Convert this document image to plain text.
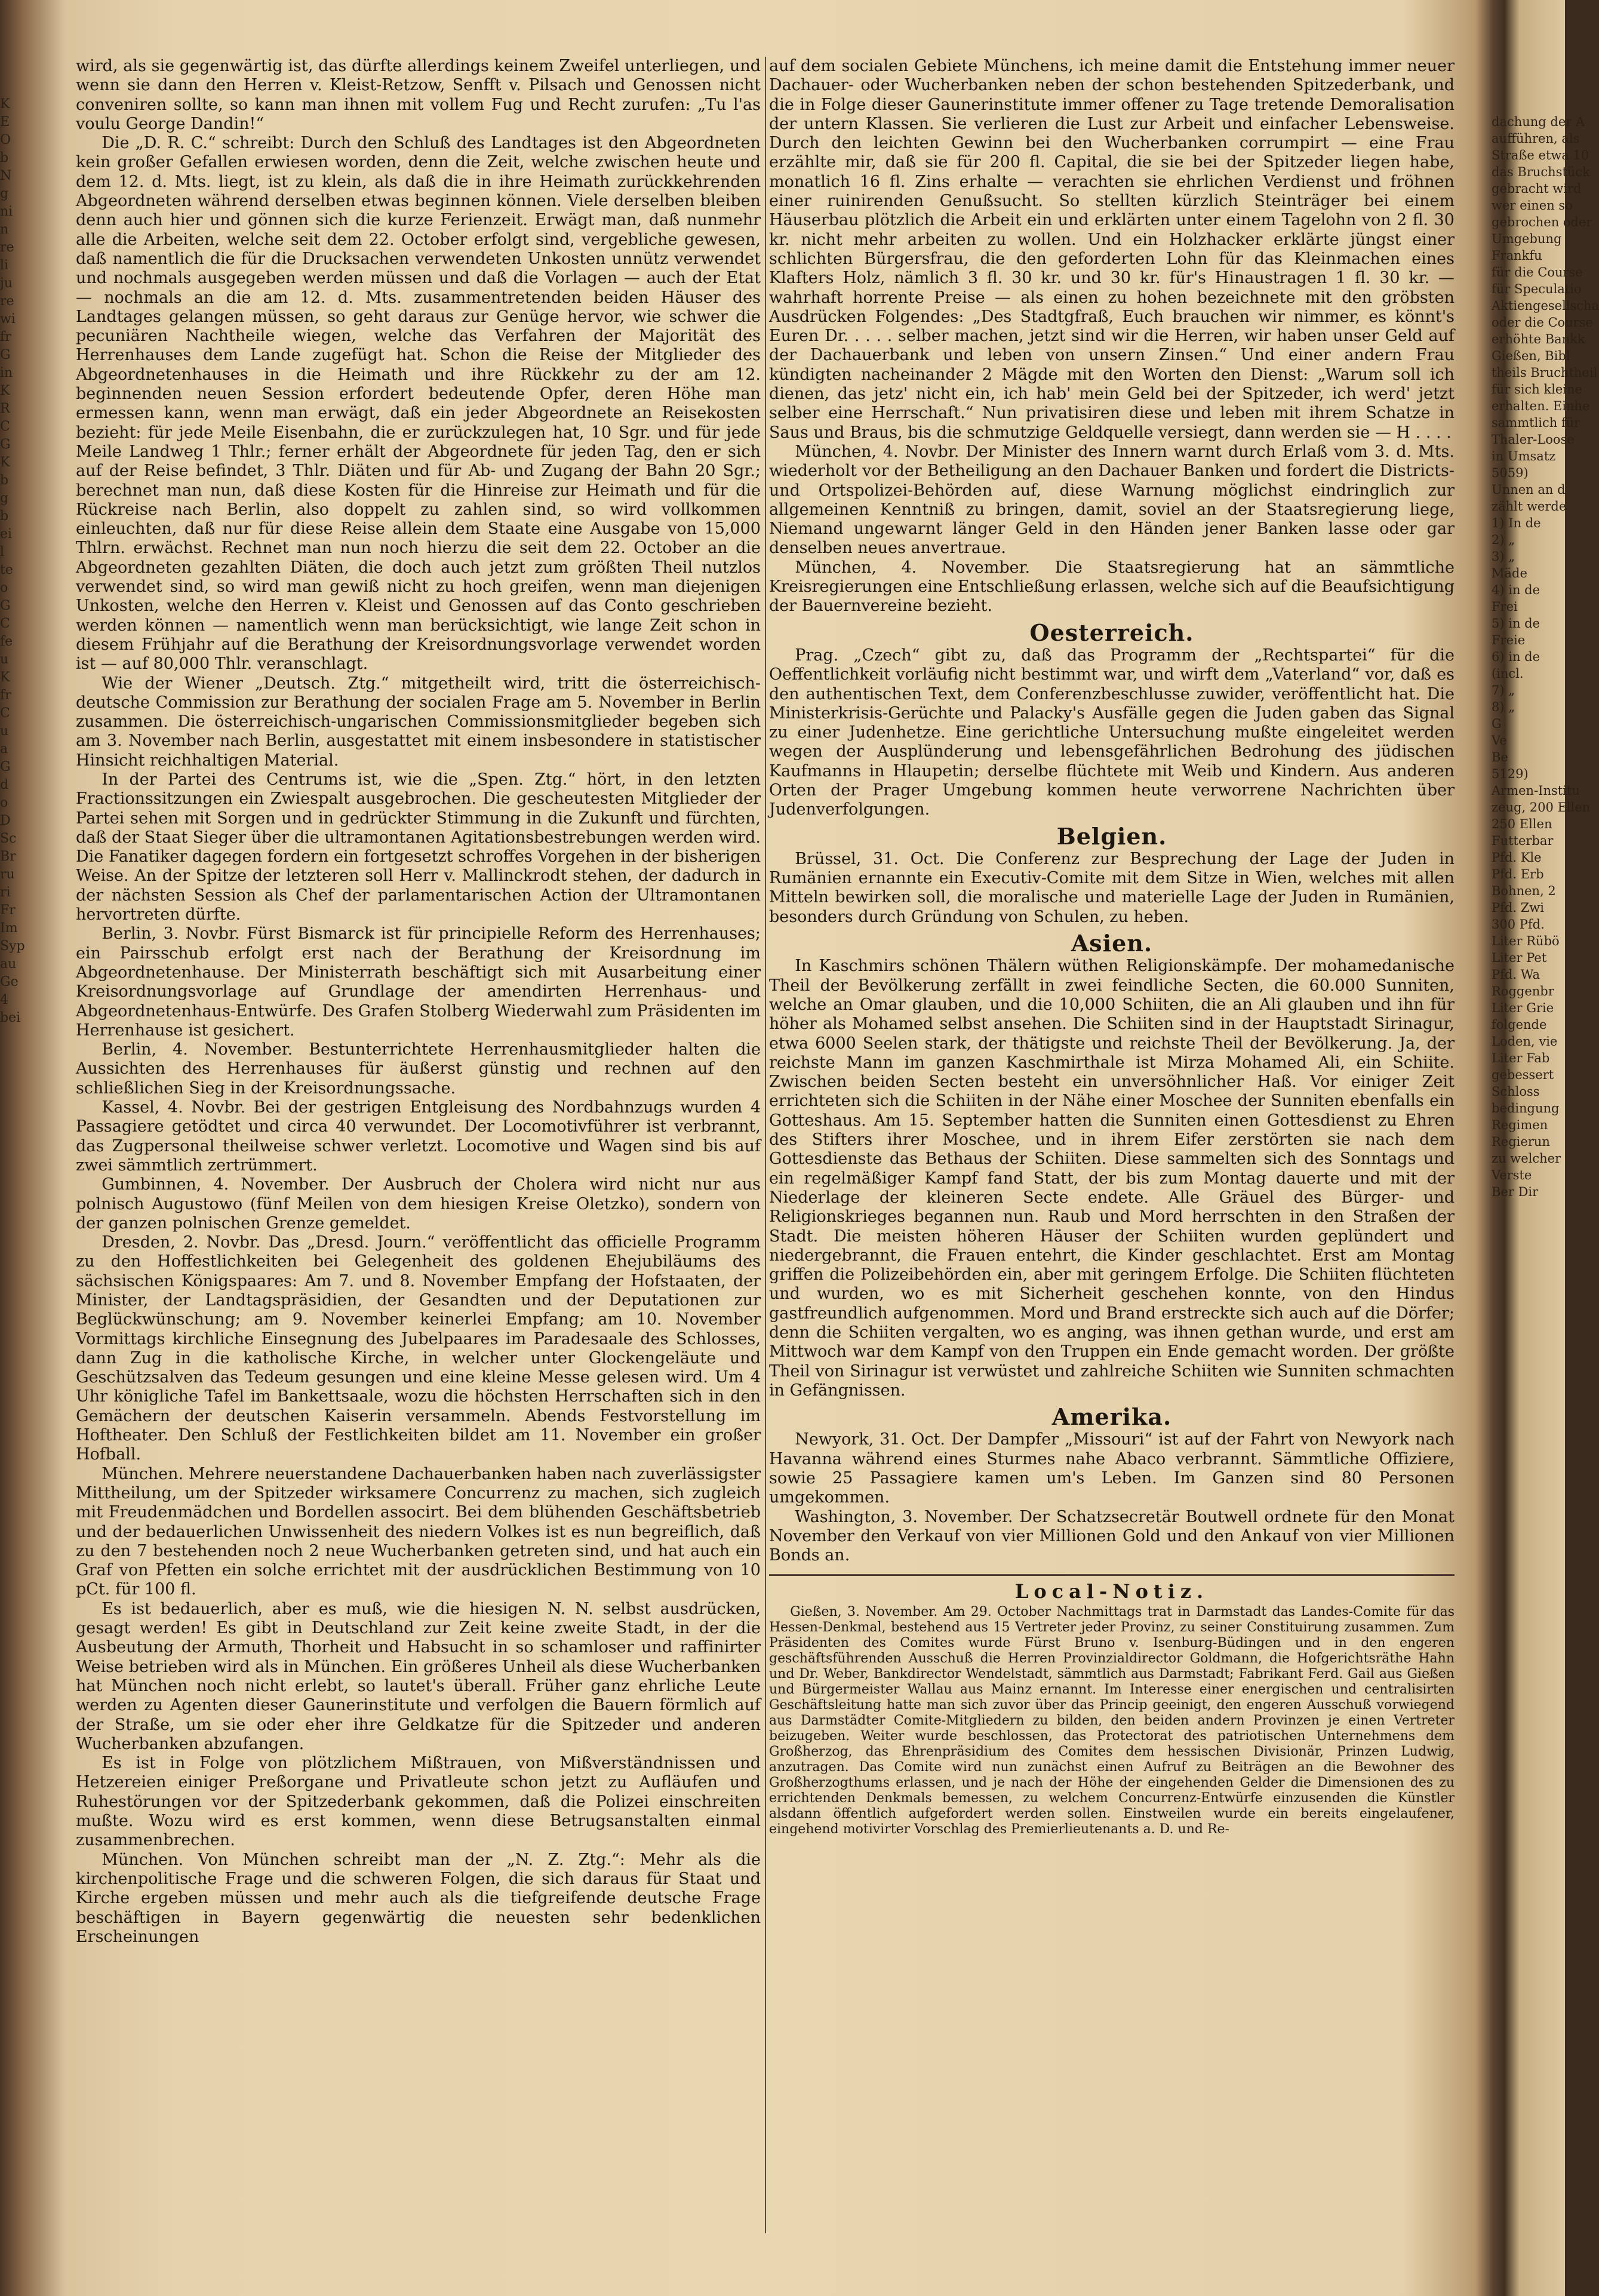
K
E
O
b
N
g
ni
n
re
li
ju
re
wi
fr
G
in
K
R
C
G
K
b
g
b
ei
l
te
o
G
C
fe
u
K
fr
C
u
a
G
d
o
D
Sc
Br
ru
ri
Fr
Im
Syp
au
Ge
4
bei
dachung der A
aufführen, als
Straße etwa 10
das Bruchstück
gebracht wird
wer einen so
gebrochen oder
Umgebung
Frankfu
für die Course
für Speculatio
Aktiengesellscha
oder die Course
erhöhte Bankk
Gießen, Bibl
theils Bruchtheil
für sich kleine
erhalten. Einhe
sammtlich für
Thaler-Loose
in Umsatz
5059)
Unnen an d
zählt werde
1) In de
2) „
3) „
Mäde
4) in de
Frei
5) in de
Freie
6) in de
(incl.
7) „
8) „
G
Ve
Be
5129)
Armen-Institu
zeug, 200 Ellen
250 Ellen
Futterbar
Pfd. Kle
Pfd. Erb
Bohnen, 2
Pfd. Zwi
300 Pfd.
Liter Rübö
Liter Pet
Pfd. Wa
Roggenbr
Liter Grie
folgende
Loden, vie
Liter Fab
gebessert
Schloss
bedingung
Regimen
Regierun
zu welcher
Verste
Ber Dir

wird, als sie gegenwärtig ist, das dürfte allerdings keinem Zweifel unterliegen, und wenn sie dann den Herren v. Kleist-Retzow, Senfft v. Pilsach und Genossen nicht conveniren sollte, so kann man ihnen mit vollem Fug und Recht zurufen: „Tu l'as voulu George Dandin!“

Die „D. R. C.“ schreibt: Durch den Schluß des Landtages ist den Abgeordneten kein großer Gefallen erwiesen worden, denn die Zeit, welche zwischen heute und dem 12. d. Mts. liegt, ist zu klein, als daß die in ihre Heimath zurückkehrenden Abgeordneten während derselben etwas beginnen können. Viele derselben bleiben denn auch hier und gönnen sich die kurze Ferienzeit. Erwägt man, daß nunmehr alle die Arbeiten, welche seit dem 22. October erfolgt sind, vergebliche gewesen, daß namentlich die für die Drucksachen verwendeten Unkosten unnütz verwendet und nochmals ausgegeben werden müssen und daß die Vorlagen — auch der Etat — nochmals an die am 12. d. Mts. zusammentretenden beiden Häuser des Landtages gelangen müssen, so geht daraus zur Genüge hervor, wie schwer die pecuniären Nachtheile wiegen, welche das Verfahren der Majorität des Herrenhauses dem Lande zugefügt hat. Schon die Reise der Mitglieder des Abgeordnetenhauses in die Heimath und ihre Rückkehr zu der am 12. beginnenden neuen Session erfordert bedeutende Opfer, deren Höhe man ermessen kann, wenn man erwägt, daß ein jeder Abgeordnete an Reisekosten bezieht: für jede Meile Eisenbahn, die er zurückzulegen hat, 10 Sgr. und für jede Meile Landweg 1 Thlr.; ferner erhält der Abgeordnete für jeden Tag, den er sich auf der Reise befindet, 3 Thlr. Diäten und für Ab- und Zugang der Bahn 20 Sgr.; berechnet man nun, daß diese Kosten für die Hinreise zur Heimath und für die Rückreise nach Berlin, also doppelt zu zahlen sind, so wird vollkommen einleuchten, daß nur für diese Reise allein dem Staate eine Ausgabe von 15,000 Thlrn. erwächst. Rechnet man nun noch hierzu die seit dem 22. October an die Abgeordneten gezahlten Diäten, die doch auch jetzt zum größten Theil nutzlos verwendet sind, so wird man gewiß nicht zu hoch greifen, wenn man diejenigen Unkosten, welche den Herren v. Kleist und Genossen auf das Conto geschrieben werden können — namentlich wenn man berücksichtigt, wie lange Zeit schon in diesem Frühjahr auf die Berathung der Kreisordnungsvorlage verwendet worden ist — auf 80,000 Thlr. veranschlagt.

Wie der Wiener „Deutsch. Ztg.“ mitgetheilt wird, tritt die österreichisch-deutsche Commission zur Berathung der socialen Frage am 5. November in Berlin zusammen. Die österreichisch-ungarischen Commissionsmitglieder begeben sich am 3. November nach Berlin, ausgestattet mit einem insbesondere in statistischer Hinsicht reichhaltigen Material.

In der Partei des Centrums ist, wie die „Spen. Ztg.“ hört, in den letzten Fractionssitzungen ein Zwiespalt ausgebrochen. Die gescheutesten Mitglieder der Partei sehen mit Sorgen und in gedrückter Stimmung in die Zukunft und fürchten, daß der Staat Sieger über die ultramontanen Agitationsbestrebungen werden wird. Die Fanatiker dagegen fordern ein fortgesetzt schroffes Vorgehen in der bisherigen Weise. An der Spitze der letzteren soll Herr v. Mallinckrodt stehen, der dadurch in der nächsten Session als Chef der parlamentarischen Action der Ultramontanen hervortreten dürfte.

Berlin, 3. Novbr. Fürst Bismarck ist für principielle Reform des Herrenhauses; ein Pairsschub erfolgt erst nach der Berathung der Kreisordnung im Abgeordnetenhause. Der Ministerrath beschäftigt sich mit Ausarbeitung einer Kreisordnungsvorlage auf Grundlage der amendirten Herrenhaus- und Abgeordnetenhaus-Entwürfe. Des Grafen Stolberg Wiederwahl zum Präsidenten im Herrenhause ist gesichert.

Berlin, 4. November. Bestunterrichtete Herrenhausmitglieder halten die Aussichten des Herrenhauses für äußerst günstig und rechnen auf den schließlichen Sieg in der Kreisordnungssache.

Kassel, 4. Novbr. Bei der gestrigen Entgleisung des Nordbahnzugs wurden 4 Passagiere getödtet und circa 40 verwundet. Der Locomotivführer ist verbrannt, das Zugpersonal theilweise schwer verletzt. Locomotive und Wagen sind bis auf zwei sämmtlich zertrümmert.

Gumbinnen, 4. November. Der Ausbruch der Cholera wird nicht nur aus polnisch Augustowo (fünf Meilen von dem hiesigen Kreise Oletzko), sondern von der ganzen polnischen Grenze gemeldet.

Dresden, 2. Novbr. Das „Dresd. Journ.“ veröffentlicht das officielle Programm zu den Hoffestlichkeiten bei Gelegenheit des goldenen Ehejubiläums des sächsischen Königspaares: Am 7. und 8. November Empfang der Hofstaaten, der Minister, der Landtagspräsidien, der Gesandten und der Deputationen zur Beglückwünschung; am 9. November keinerlei Empfang; am 10. November Vormittags kirchliche Einsegnung des Jubelpaares im Paradesaale des Schlosses, dann Zug in die katholische Kirche, in welcher unter Glockengeläute und Geschützsalven das Tedeum gesungen und eine kleine Messe gelesen wird. Um 4 Uhr königliche Tafel im Bankettsaale, wozu die höchsten Herrschaften sich in den Gemächern der deutschen Kaiserin versammeln. Abends Festvorstellung im Hoftheater. Den Schluß der Festlichkeiten bildet am 11. November ein großer Hofball.

München. Mehrere neuerstandene Dachauerbanken haben nach zuverlässigster Mittheilung, um der Spitzeder wirksamere Concurrenz zu machen, sich zugleich mit Freudenmädchen und Bordellen associrt. Bei dem blühenden Geschäftsbetrieb und der bedauerlichen Unwissenheit des niedern Volkes ist es nun begreiflich, daß zu den 7 bestehenden noch 2 neue Wucherbanken getreten sind, und hat auch ein Graf von Pfetten ein solche errichtet mit der ausdrücklichen Bestimmung von 10 pCt. für 100 fl.

Es ist bedauerlich, aber es muß, wie die hiesigen N. N. selbst ausdrücken, gesagt werden! Es gibt in Deutschland zur Zeit keine zweite Stadt, in der die Ausbeutung der Armuth, Thorheit und Habsucht in so schamloser und raffinirter Weise betrieben wird als in München. Ein größeres Unheil als diese Wucherbanken hat München noch nicht erlebt, so lautet's überall. Früher ganz ehrliche Leute werden zu Agenten dieser Gaunerinstitute und verfolgen die Bauern förmlich auf der Straße, um sie oder eher ihre Geldkatze für die Spitzeder und anderen Wucherbanken abzufangen.

Es ist in Folge von plötzlichem Mißtrauen, von Mißverständnissen und Hetzereien einiger Preßorgane und Privatleute schon jetzt zu Aufläufen und Ruhestörungen vor der Spitzederbank gekommen, daß die Polizei einschreiten mußte. Wozu wird es erst kommen, wenn diese Betrugsanstalten einmal zusammenbrechen.

München. Von München schreibt man der „N. Z. Ztg.“: Mehr als die kirchenpolitische Frage und die schweren Folgen, die sich daraus für Staat und Kirche ergeben müssen und mehr auch als die tiefgreifende deutsche Frage beschäftigen in Bayern gegenwärtig die neuesten sehr bedenklichen Erscheinungen

auf dem socialen Gebiete Münchens, ich meine damit die Entstehung immer neuer Dachauer- oder Wucherbanken neben der schon bestehenden Spitzederbank, und die in Folge dieser Gaunerinstitute immer offener zu Tage tretende Demoralisation der untern Klassen. Sie verlieren die Lust zur Arbeit und einfacher Lebensweise. Durch den leichten Gewinn bei den Wucherbanken corrumpirt — eine Frau erzählte mir, daß sie für 200 fl. Capital, die sie bei der Spitzeder liegen habe, monatlich 16 fl. Zins erhalte — verachten sie ehrlichen Verdienst und fröhnen einer ruinirenden Genußsucht. So stellten kürzlich Steinträger bei einem Häuserbau plötzlich die Arbeit ein und erklärten unter einem Tagelohn von 2 fl. 30 kr. nicht mehr arbeiten zu wollen. Und ein Holzhacker erklärte jüngst einer schlichten Bürgersfrau, die den geforderten Lohn für das Kleinmachen eines Klafters Holz, nämlich 3 fl. 30 kr. und 30 kr. für's Hinaustragen 1 fl. 30 kr. — wahrhaft horrente Preise — als einen zu hohen bezeichnete mit den gröbsten Ausdrücken Folgendes: „Des Stadtgfraß, Euch brauchen wir nimmer, es könnt's Euren Dr. . . . . selber machen, jetzt sind wir die Herren, wir haben unser Geld auf der Dachauerbank und leben von unsern Zinsen.“ Und einer andern Frau kündigten nacheinander 2 Mägde mit den Worten den Dienst: „Warum soll ich dienen, das jetz' nicht ein, ich hab' mein Geld bei der Spitzeder, ich werd' jetzt selber eine Herrschaft.“ Nun privatisiren diese und leben mit ihrem Schatze in Saus und Braus, bis die schmutzige Geldquelle versiegt, dann werden sie — H . . . .

München, 4. Novbr. Der Minister des Innern warnt durch Erlaß vom 3. d. Mts. wiederholt vor der Betheiligung an den Dachauer Banken und fordert die Districts- und Ortspolizei-Behörden auf, diese Warnung möglichst eindringlich zur allgemeinen Kenntniß zu bringen, damit, soviel an der Staatsregierung liege, Niemand ungewarnt länger Geld in den Händen jener Banken lasse oder gar denselben neues anvertraue.

München, 4. November. Die Staatsregierung hat an sämmtliche Kreisregierungen eine Entschließung erlassen, welche sich auf die Beaufsichtigung der Bauernvereine bezieht.

Oesterreich.

Prag. „Czech“ gibt zu, daß das Programm der „Rechtspartei“ für die Oeffentlichkeit vorläufig nicht bestimmt war, und wirft dem „Vaterland“ vor, daß es den authentischen Text, dem Conferenzbeschlusse zuwider, veröffentlicht hat. Die Ministerkrisis-Gerüchte und Palacky's Ausfälle gegen die Juden gaben das Signal zu einer Judenhetze. Eine gerichtliche Untersuchung mußte eingeleitet werden wegen der Ausplünderung und lebensgefährlichen Bedrohung des jüdischen Kaufmanns in Hlaupetin; derselbe flüchtete mit Weib und Kindern. Aus anderen Orten der Prager Umgebung kommen heute verworrene Nachrichten über Judenverfolgungen.

Belgien.

Brüssel, 31. Oct. Die Conferenz zur Besprechung der Lage der Juden in Rumänien ernannte ein Executiv-Comite mit dem Sitze in Wien, welches mit allen Mitteln bewirken soll, die moralische und materielle Lage der Juden in Rumänien, besonders durch Gründung von Schulen, zu heben.

Asien.

In Kaschmirs schönen Thälern wüthen Religionskämpfe. Der mohamedanische Theil der Bevölkerung zerfällt in zwei feindliche Secten, die 60.000 Sunniten, welche an Omar glauben, und die 10,000 Schiiten, die an Ali glauben und ihn für höher als Mohamed selbst ansehen. Die Schiiten sind in der Hauptstadt Sirinagur, etwa 6000 Seelen stark, der thätigste und reichste Theil der Bevölkerung. Ja, der reichste Mann im ganzen Kaschmirthale ist Mirza Mohamed Ali, ein Schiite. Zwischen beiden Secten besteht ein unversöhnlicher Haß. Vor einiger Zeit errichteten sich die Schiiten in der Nähe einer Moschee der Sunniten ebenfalls ein Gotteshaus. Am 15. September hatten die Sunniten einen Gottesdienst zu Ehren des Stifters ihrer Moschee, und in ihrem Eifer zerstörten sie nach dem Gottesdienste das Bethaus der Schiiten. Diese sammelten sich des Sonntags und ein regelmäßiger Kampf fand Statt, der bis zum Montag dauerte und mit der Niederlage der kleineren Secte endete. Alle Gräuel des Bürger- und Religionskrieges begannen nun. Raub und Mord herrschten in den Straßen der Stadt. Die meisten höheren Häuser der Schiiten wurden geplündert und niedergebrannt, die Frauen entehrt, die Kinder geschlachtet. Erst am Montag griffen die Polizeibehörden ein, aber mit geringem Erfolge. Die Schiiten flüchteten und wurden, wo es mit Sicherheit geschehen konnte, von den Hindus gastfreundlich aufgenommen. Mord und Brand erstreckte sich auch auf die Dörfer; denn die Schiiten vergalten, wo es anging, was ihnen gethan wurde, und erst am Mittwoch war dem Kampf von den Truppen ein Ende gemacht worden. Der größte Theil von Sirinagur ist verwüstet und zahlreiche Schiiten wie Sunniten schmachten in Gefängnissen.

Amerika.

Newyork, 31. Oct. Der Dampfer „Missouri“ ist auf der Fahrt von Newyork nach Havanna während eines Sturmes nahe Abaco verbrannt. Sämmtliche Offiziere, sowie 25 Passagiere kamen um's Leben. Im Ganzen sind 80 Personen umgekommen.

Washington, 3. November. Der Schatzsecretär Boutwell ordnete für den Monat November den Verkauf von vier Millionen Gold und den Ankauf von vier Millionen Bonds an.

Local-Notiz.

Gießen, 3. November. Am 29. October Nachmittags trat in Darmstadt das Landes-Comite für das Hessen-Denkmal, bestehend aus 15 Vertreter jeder Provinz, zu seiner Constituirung zusammen. Zum Präsidenten des Comites wurde Fürst Bruno v. Isenburg-Büdingen und in den engeren geschäftsführenden Ausschuß die Herren Provinzialdirector Goldmann, die Hofgerichtsräthe Hahn und Dr. Weber, Bankdirector Wendelstadt, sämmtlich aus Darmstadt; Fabrikant Ferd. Gail aus Gießen und Bürgermeister Wallau aus Mainz ernannt. Im Interesse einer energischen und centralisirten Geschäftsleitung hatte man sich zuvor über das Princip geeinigt, den engeren Ausschuß vorwiegend aus Darmstädter Comite-Mitgliedern zu bilden, den beiden andern Provinzen je einen Vertreter beizugeben. Weiter wurde beschlossen, das Protectorat des patriotischen Unternehmens dem Großherzog, das Ehrenpräsidium des Comites dem hessischen Divisionär, Prinzen Ludwig, anzutragen. Das Comite wird nun zunächst einen Aufruf zu Beiträgen an die Bewohner des Großherzogthums erlassen, und je nach der Höhe der eingehenden Gelder die Dimensionen des zu errichtenden Denkmals bemessen, zu welchem Concurrenz-Entwürfe einzusenden die Künstler alsdann öffentlich aufgefordert werden sollen. Einstweilen wurde ein bereits eingelaufener, eingehend motivirter Vorschlag des Premierlieutenants a. D. und Re-
